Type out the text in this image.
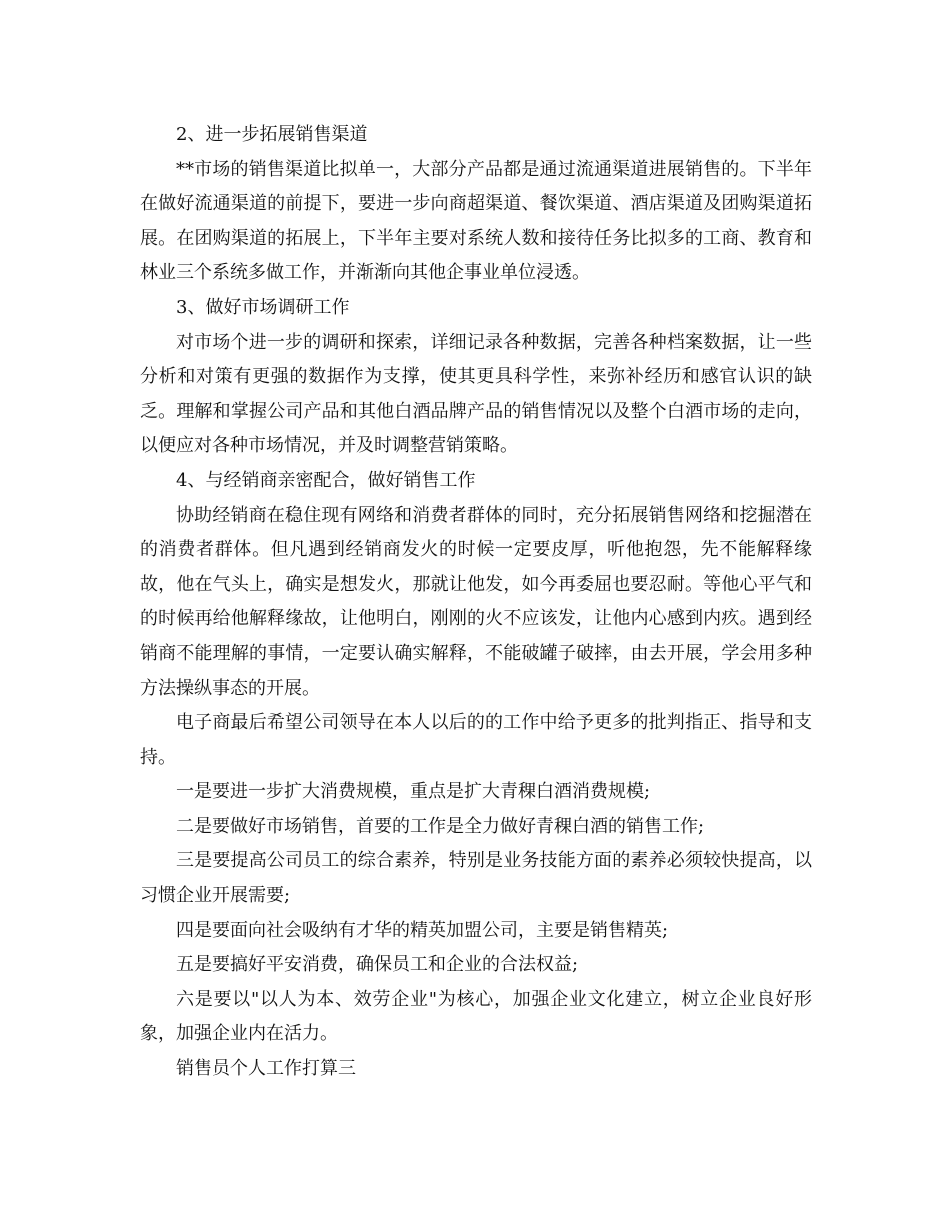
2、进一步拓展销售渠道

**市场的销售渠道比拟单一，大部分产品都是通过流通渠道进展销售的。下半年在做好流通渠道的前提下，要进一步向商超渠道、餐饮渠道、酒店渠道及团购渠道拓展。在团购渠道的拓展上，下半年主要对系统人数和接待任务比拟多的工商、教育和林业三个系统多做工作，并渐渐向其他企事业单位浸透。

3、做好市场调研工作

对市场个进一步的调研和探索，详细记录各种数据，完善各种档案数据，让一些分析和对策有更强的数据作为支撑，使其更具科学性，来弥补经历和感官认识的缺乏。理解和掌握公司产品和其他白酒品牌产品的销售情况以及整个白酒市场的走向，以便应对各种市场情况，并及时调整营销策略。

4、与经销商亲密配合，做好销售工作

协助经销商在稳住现有网络和消费者群体的同时，充分拓展销售网络和挖掘潜在的消费者群体。但凡遇到经销商发火的时候一定要皮厚，听他抱怨，先不能解释缘故，他在气头上，确实是想发火，那就让他发，如今再委屈也要忍耐。等他心平气和的时候再给他解释缘故，让他明白，刚刚的火不应该发，让他内心感到内疚。遇到经销商不能理解的事情，一定要认确实解释，不能破罐子破摔，由去开展，学会用多种方法操纵事态的开展。

电子商最后希望公司领导在本人以后的的工作中给予更多的批判指正、指导和支持。

一是要进一步扩大消费规模，重点是扩大青稞白酒消费规模;

二是要做好市场销售，首要的工作是全力做好青稞白酒的销售工作;

三是要提高公司员工的综合素养，特别是业务技能方面的素养必须较快提高，以习惯企业开展需要;

四是要面向社会吸纳有才华的精英加盟公司，主要是销售精英;

五是要搞好平安消费，确保员工和企业的合法权益;

六是要以"以人为本、效劳企业"为核心，加强企业文化建立，树立企业良好形象，加强企业内在活力。

销售员个人工作打算三
